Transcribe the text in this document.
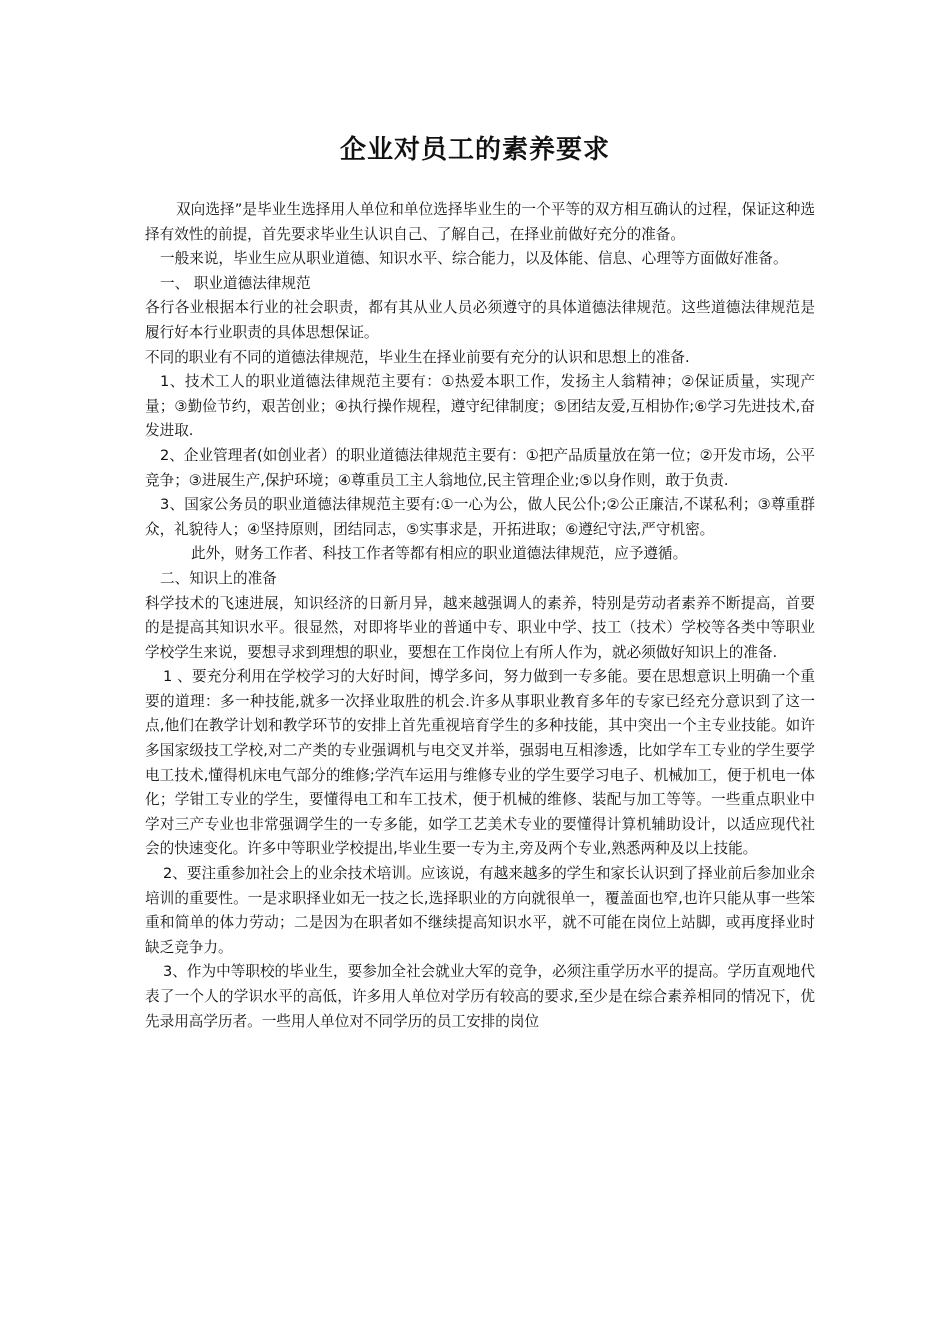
企业对员工的素养要求

双向选择”是毕业生选择用人单位和单位选择毕业生的一个平等的双方相互确认的过程，保证这种选择有效性的前提，首先要求毕业生认识自己、了解自己，在择业前做好充分的准备。

一般来说，毕业生应从职业道德、知识水平、综合能力，以及体能、信息、心理等方面做好准备。

一、 职业道德法律规范

各行各业根据本行业的社会职责，都有其从业人员必须遵守的具体道德法律规范。这些道德法律规范是履行好本行业职责的具体思想保证。

不同的职业有不同的道德法律规范，毕业生在择业前要有充分的认识和思想上的准备.

1、技术工人的职业道德法律规范主要有：①热爱本职工作，发扬主人翁精神；②保证质量，实现产量；③勤俭节约，艰苦创业；④执行操作规程，遵守纪律制度；⑤团结友爱,互相协作;⑥学习先进技术,奋发进取.

2、企业管理者(如创业者）的职业道德法律规范主要有：①把产品质量放在第一位；②开发市场，公平竞争；③进展生产,保护环境；④尊重员工主人翁地位,民主管理企业;⑤以身作则，敢于负责.

3、国家公务员的职业道德法律规范主要有:①一心为公，做人民公仆;②公正廉洁,不谋私利；③尊重群众，礼貌待人；④坚持原则，团结同志，⑤实事求是，开拓进取；⑥遵纪守法,严守机密。

此外，财务工作者、科技工作者等都有相应的职业道德法律规范，应予遵循。

二、知识上的准备

科学技术的飞速进展，知识经济的日新月异，越来越强调人的素养，特别是劳动者素养不断提高，首要的是提高其知识水平。很显然，对即将毕业的普通中专、职业中学、技工（技术）学校等各类中等职业学校学生来说，要想寻求到理想的职业，要想在工作岗位上有所人作为，就必须做好知识上的准备.

1 、要充分利用在学校学习的大好时间，博学多问，努力做到一专多能。要在思想意识上明确一个重要的道理：多一种技能,就多一次择业取胜的机会.许多从事职业教育多年的专家已经充分意识到了这一点,他们在教学计划和教学环节的安排上首先重视培育学生的多种技能，其中突出一个主专业技能。如许多国家级技工学校,对二产类的专业强调机与电交叉并举，强弱电互相渗透，比如学车工专业的学生要学电工技术,懂得机床电气部分的维修;学汽车运用与维修专业的学生要学习电子、机械加工，便于机电一体化；学钳工专业的学生，要懂得电工和车工技术，便于机械的维修、装配与加工等等。一些重点职业中学对三产专业也非常强调学生的一专多能，如学工艺美术专业的要懂得计算机辅助设计，以适应现代社会的快速变化。许多中等职业学校提出,毕业生要一专为主,旁及两个专业,熟悉两种及以上技能。

2、要注重参加社会上的业余技术培训。应该说，有越来越多的学生和家长认识到了择业前后参加业余培训的重要性。一是求职择业如无一技之长,选择职业的方向就很单一，覆盖面也窄,也许只能从事一些笨重和简单的体力劳动；二是因为在职者如不继续提高知识水平，就不可能在岗位上站脚，或再度择业时缺乏竞争力。

3、作为中等职校的毕业生，要参加全社会就业大军的竞争，必须注重学历水平的提高。学历直观地代表了一个人的学识水平的高低，许多用人单位对学历有较高的要求,至少是在综合素养相同的情况下，优先录用高学历者。一些用人单位对不同学历的员工安排的岗位
